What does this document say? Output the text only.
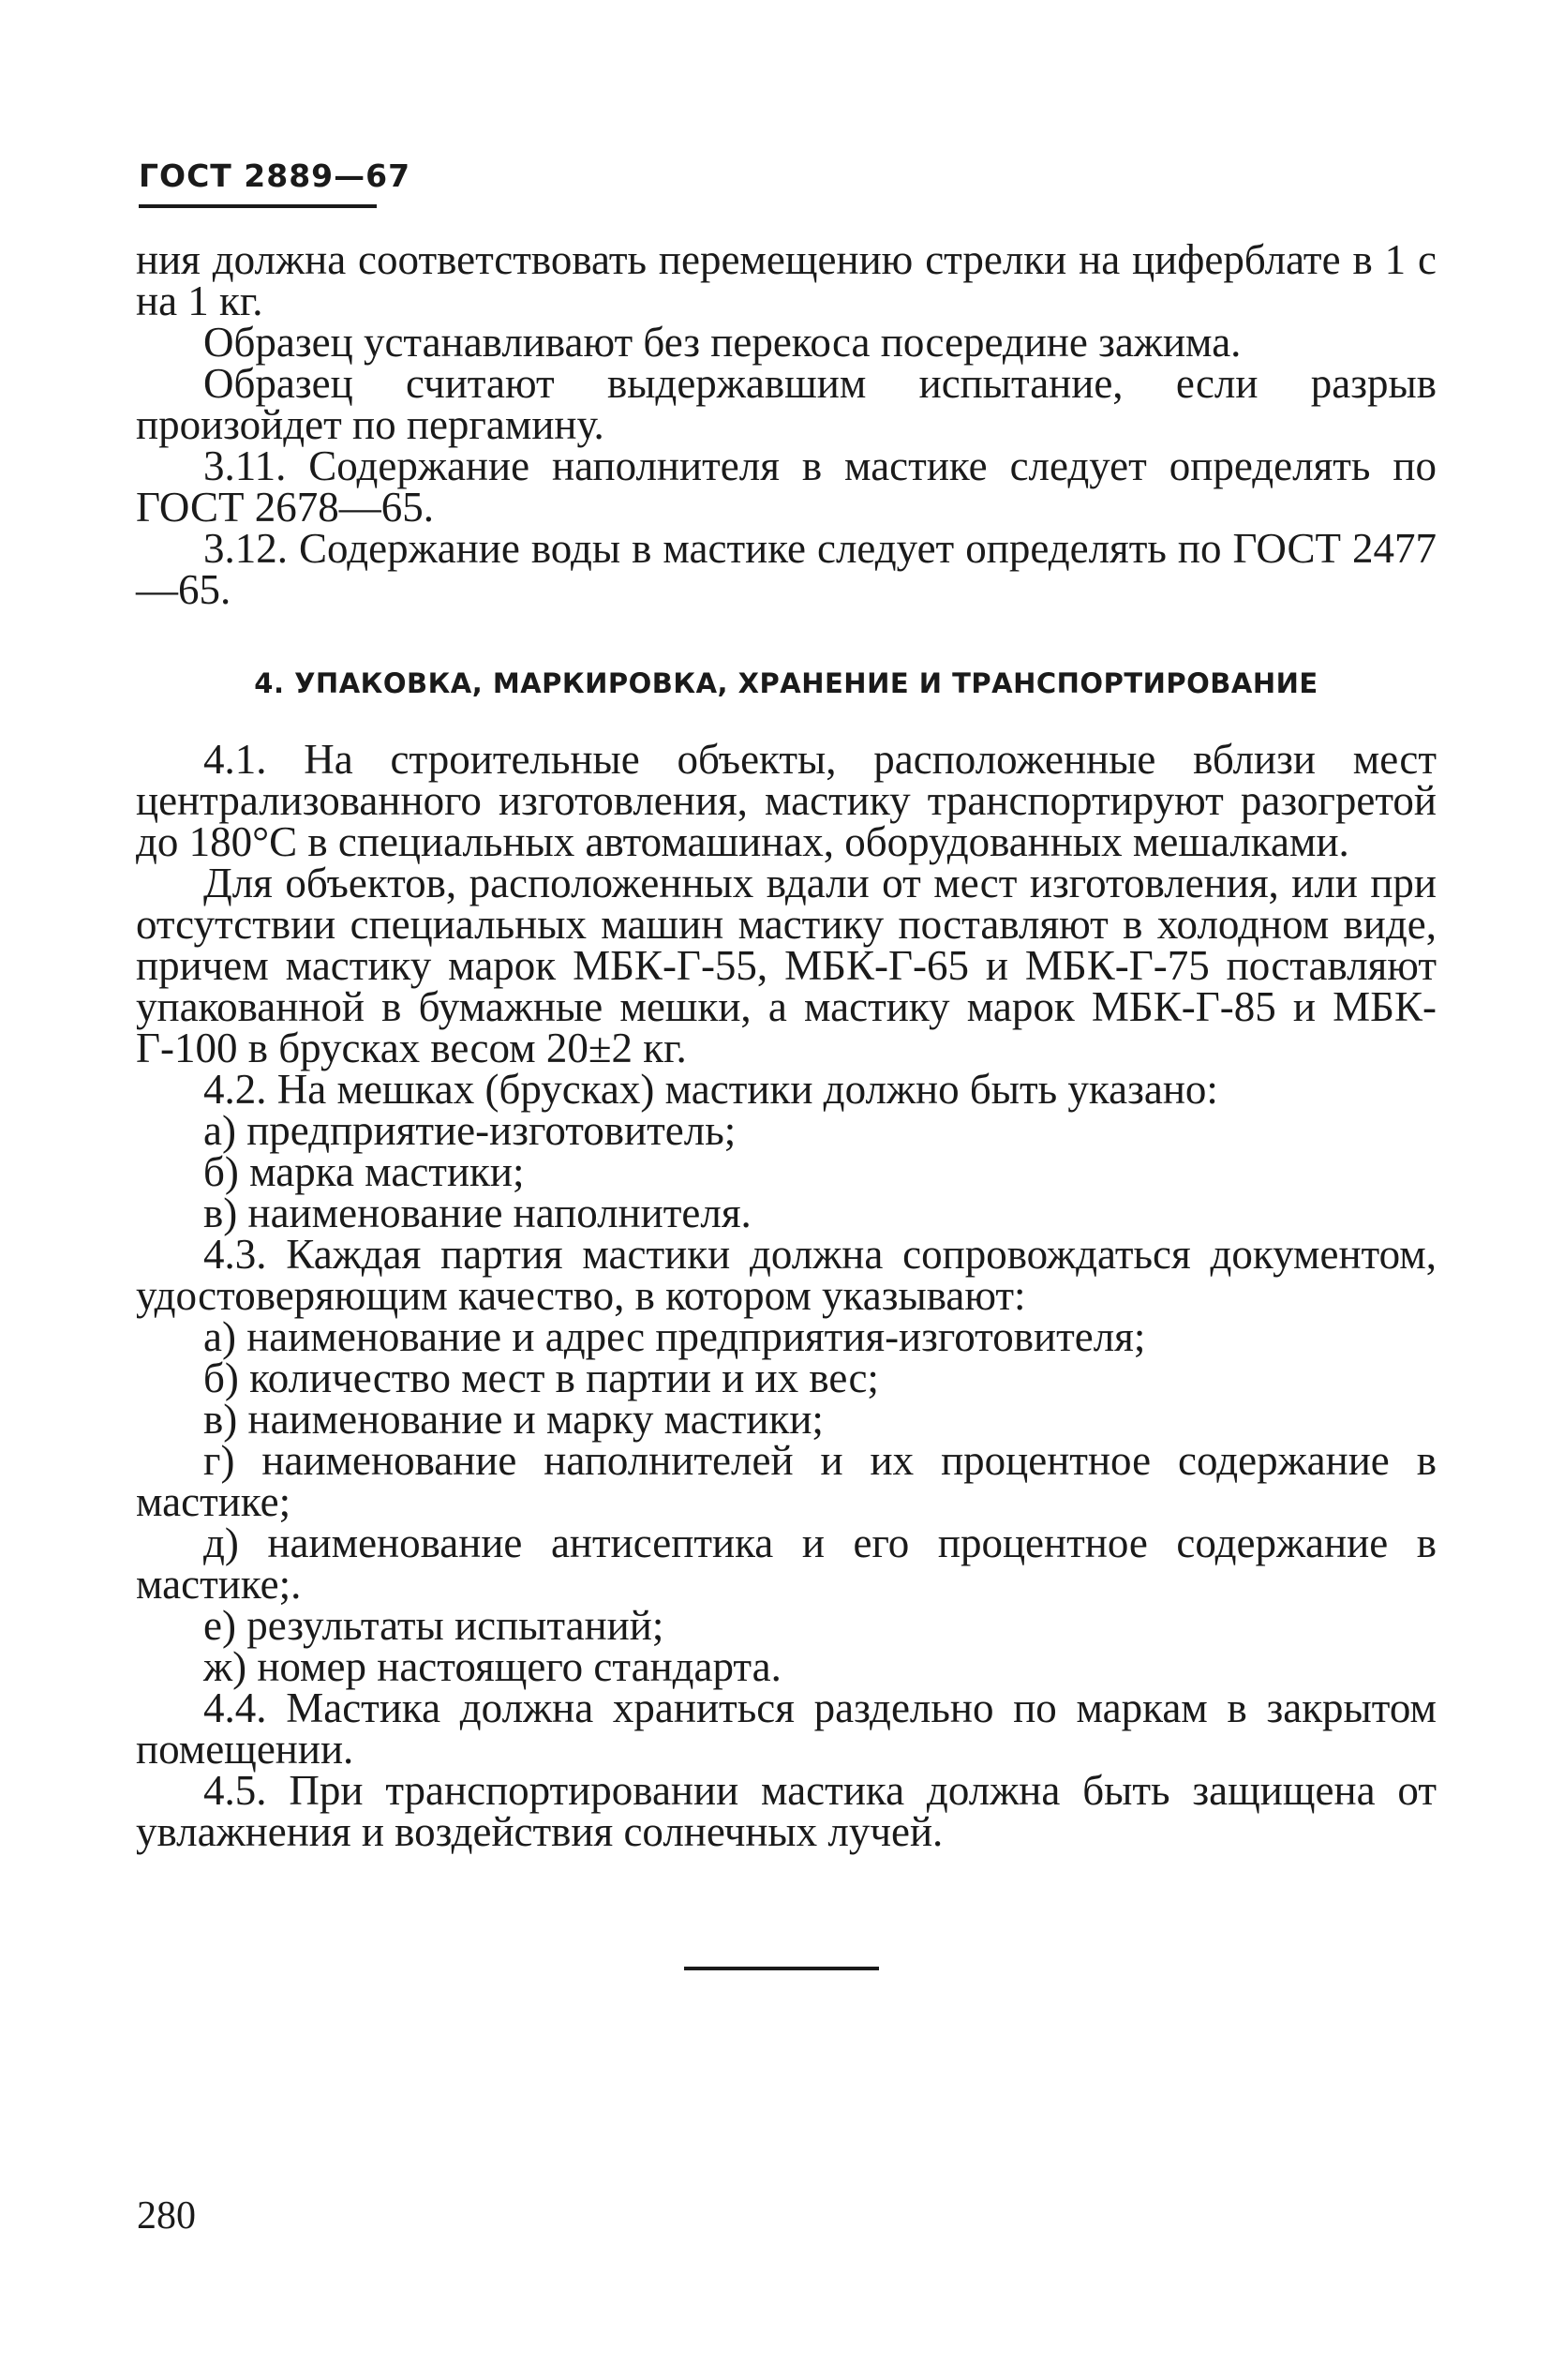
ГОСТ 2889—67

ния должна соответствовать перемещению стрелки на циферблате в 1 с на 1 кг.

Образец устанавливают без перекоса посередине зажима.

Образец считают выдержавшим испытание, если разрыв произойдет по пергамину.

3.11. Содержание наполнителя в мастике следует определять по ГОСТ 2678—65.

3.12. Содержание воды в мастике следует определять по ГОСТ 2477—65.

4. УПАКОВКА, МАРКИРОВКА, ХРАНЕНИЕ И ТРАНСПОРТИРОВАНИЕ

4.1. На строительные объекты, расположенные вблизи мест централизованного изготовления, мастику транспортируют разогретой до 180°С в специальных автомашинах, оборудованных мешалками.

Для объектов, расположенных вдали от мест изготовления, или при отсутствии специальных машин мастику поставляют в холодном виде, причем мастику марок МБК-Г-55, МБК-Г-65 и МБК-Г-75 поставляют упакованной в бумажные мешки, а мастику марок МБК-Г-85 и МБК-Г-100 в брусках весом 20±2 кг.

4.2. На мешках (брусках) мастики должно быть указано:

а) предприятие-изготовитель;

б) марка мастики;

в) наименование наполнителя.

4.3. Каждая партия мастики должна сопровождаться документом, удостоверяющим качество, в котором указывают:

а) наименование и адрес предприятия-изготовителя;

б) количество мест в партии и их вес;

в) наименование и марку мастики;

г) наименование наполнителей и их процентное содержание в мастике;

д) наименование антисептика и его процентное содержание в мастике;.

е) результаты испытаний;

ж) номер настоящего стандарта.

4.4. Мастика должна храниться раздельно по маркам в закрытом помещении.

4.5. При транспортировании мастика должна быть защищена от увлажнения и воздействия солнечных лучей.

280
